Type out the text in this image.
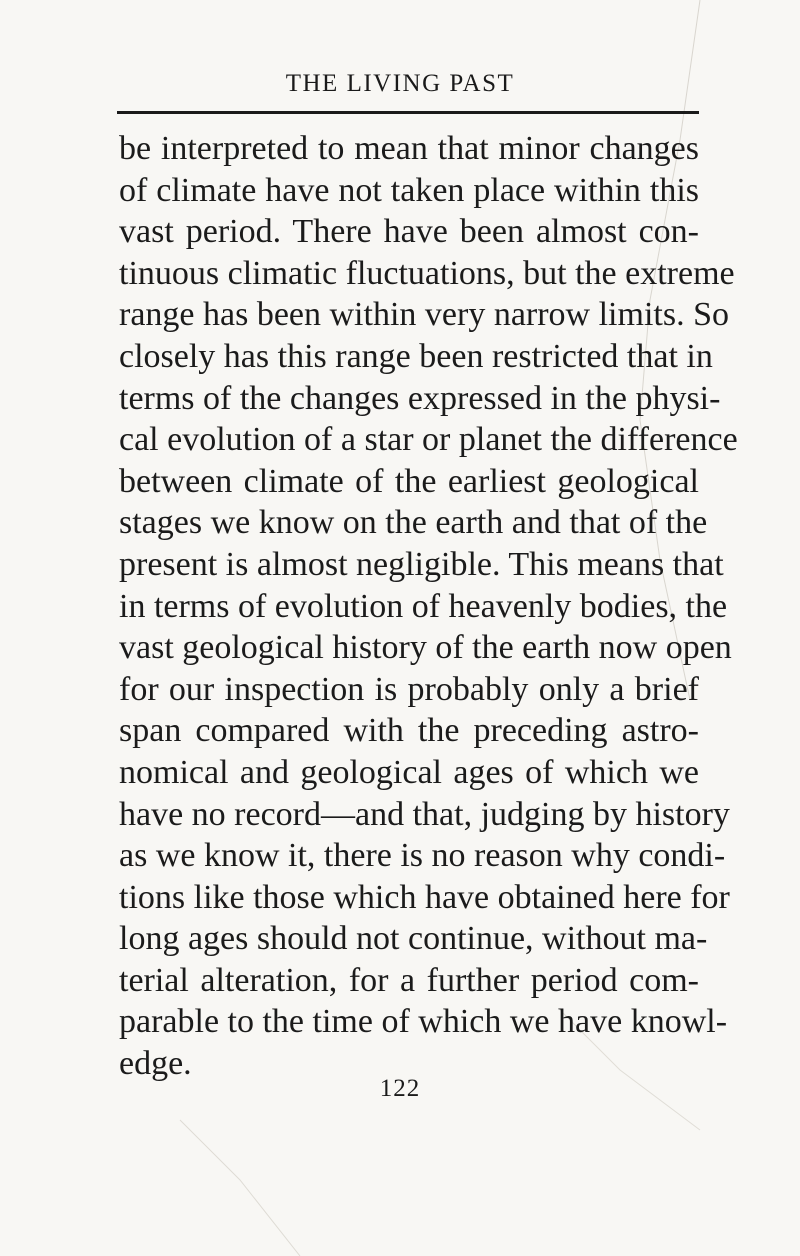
THE LIVING PAST
be interpreted to mean that minor changes
of climate have not taken place within this
vast period. There have been almost con-
tinuous climatic fluctuations, but the extreme
range has been within very narrow limits. So
closely has this range been restricted that in
terms of the changes expressed in the physi-
cal evolution of a star or planet the difference
between climate of the earliest geological
stages we know on the earth and that of the
present is almost negligible. This means that
in terms of evolution of heavenly bodies, the
vast geological history of the earth now open
for our inspection is probably only a brief
span compared with the preceding astro-
nomical and geological ages of which we
have no record—and that, judging by history
as we know it, there is no reason why condi-
tions like those which have obtained here for
long ages should not continue, without ma-
terial alteration, for a further period com-
parable to the time of which we have knowl-
edge.
122
